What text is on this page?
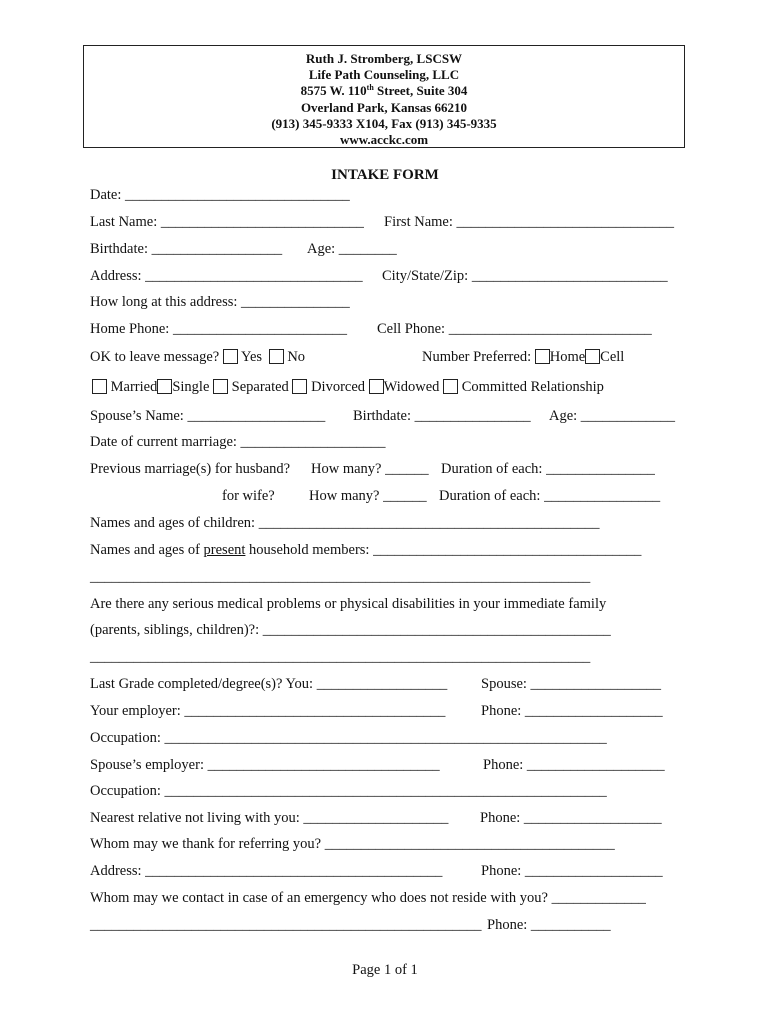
Ruth J. Stromberg, LSCSW
Life Path Counseling, LLC
8575 W. 110th Street, Suite 304
Overland Park, Kansas 66210
(913) 345-9333 X104, Fax (913) 345-9335
www.acckc.com
INTAKE FORM
Date: _______________________________
Last Name: ____________________________ First Name: ______________________________
Birthdate: __________________ Age: ________
Address: ______________________________ City/State/Zip: ___________________________
How long at this address: _______________
Home Phone: ________________________ Cell Phone: ____________________________
OK to leave message? Yes No	Number Preferred: Home Cell
Married Single Separated Divorced Widowed Committed Relationship
Spouse’s Name: ___________________ Birthdate: ________________ Age: _____________
Date of current marriage: ____________________
Previous marriage(s) for husband? How many? ______ Duration of each: _______________
for wife? How many? ______ Duration of each: ________________
Names and ages of children: _______________________________________________
Names and ages of present household members: _____________________________________
_____________________________________________________________________
Are there any serious medical problems or physical disabilities in your immediate family
(parents, siblings, children)?: ________________________________________________
_____________________________________________________________________
Last Grade completed/degree(s)? You: __________________ Spouse: __________________
Your employer: ____________________________________ Phone: ___________________
Occupation: _____________________________________________________________
Spouse’s employer: ________________________________	Phone: ___________________
Occupation: _____________________________________________________________
Nearest relative not living with you: ____________________ Phone: ___________________
Whom may we thank for referring you? ________________________________________
Address: _________________________________________	Phone: ___________________
Whom may we contact in case of an emergency who does not reside with you? _____________
______________________________________________________ Phone: ___________
Page 1 of 1
